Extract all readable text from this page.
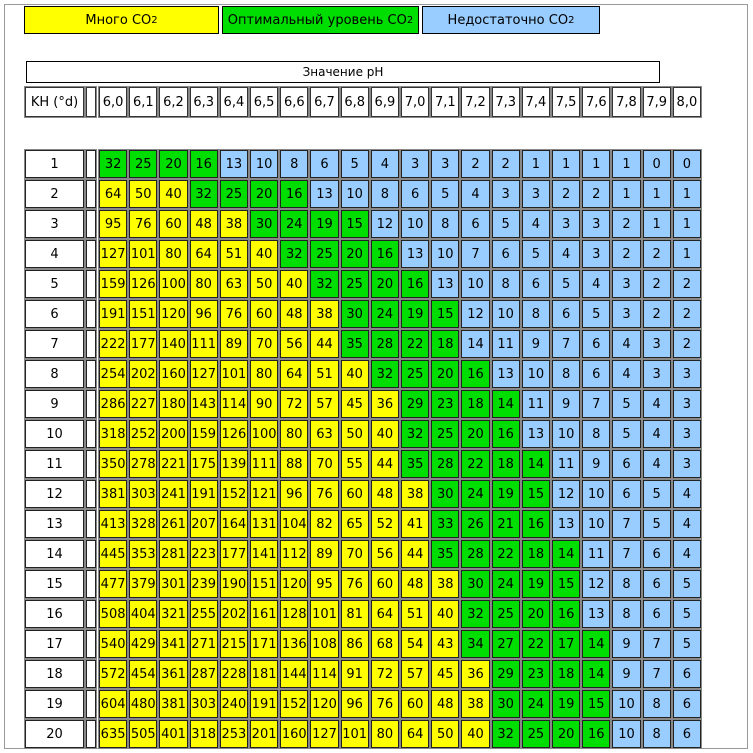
Много CO 2	Оптимальный уровень CO 2	Недостаточно CO 2
Значение pH
KH (°d)	6,0 6,1 6,2 6,3 6,4 6,5 6,6 6,7 6,8 6,9 7,0 7,1 7,2 7,3 7,4 7,5 7,6 7,8 7,9 8,0
1	32	25	20	16	13	10	8	6	5	4	3	3	2	2	1	1	1	1	0	0
2	64	50	40	32	25	20	16	13	10	8	6	5	4	3	3	2	2	1	1	1
3	95	76	60	48	38	30	24	19	15	12	10	8	6	5	4	3	3	2	1	1
4	127 101 80	64	51	40	32	25	20	16	13	10	7	6	5	4	3	2	2	1
5	159 126 100 80	63	50	40	32	25	20	16	13	10	8	6	5	4	3	2	2
6	191 151 120 96	76	60	48	38	30	24	19	15	12	10	8	6	5	3	2	2
7	222 177 140 111 89	70	56	44	35	28	22	18	14	11	9	7	6	4	3	2
8	254 202 160 127 101 80	64	51	40	32	25	20	16	13	10	8	6	4	3	3
9	286 227 180 143 114 90	72	57	45	36	29	23	18	14	11	9	7	5	4	3
10	318 252 200 159 126 100 80	63	50	40	32	25	20	16	13	10	8	5	4	3
11	350 278 221 175 139 111 88	70	55	44	35	28	22	18	14	11	9	6	4	3
12	381 303 241 191 152 121 96	76	60	48	38	30	24	19	15	12	10	6	5	4
13	413 328 261 207 164 131 104 82	65	52	41	33	26	21	16	13	10	7	5	4
14	445 353 281 223 177 141 112 89	70	56	44	35	28	22	18	14	11	7	6	4
15	477 379 301 239 190 151 120 95	76	60	48	38	30	24	19	15	12	8	6	5
16	508 404 321 255 202 161 128 101 81	64	51	40	32	25	20	16	13	8	6	5
17	540 429 341 271 215 171 136 108 86	68	54	43	34	27	22	17	14	9	7	5
18	572 454 361 287 228 181 144 114 91	72	57	45	36	29	23	18	14	9	7	6
19	604 480 381 303 240 191 152 120 96	76	60	48	38	30	24	19	15	10	8	6
20	635 505 401 318 253 201 160 127 101 80	64	50	40	32	25	20	16	10	8	6
